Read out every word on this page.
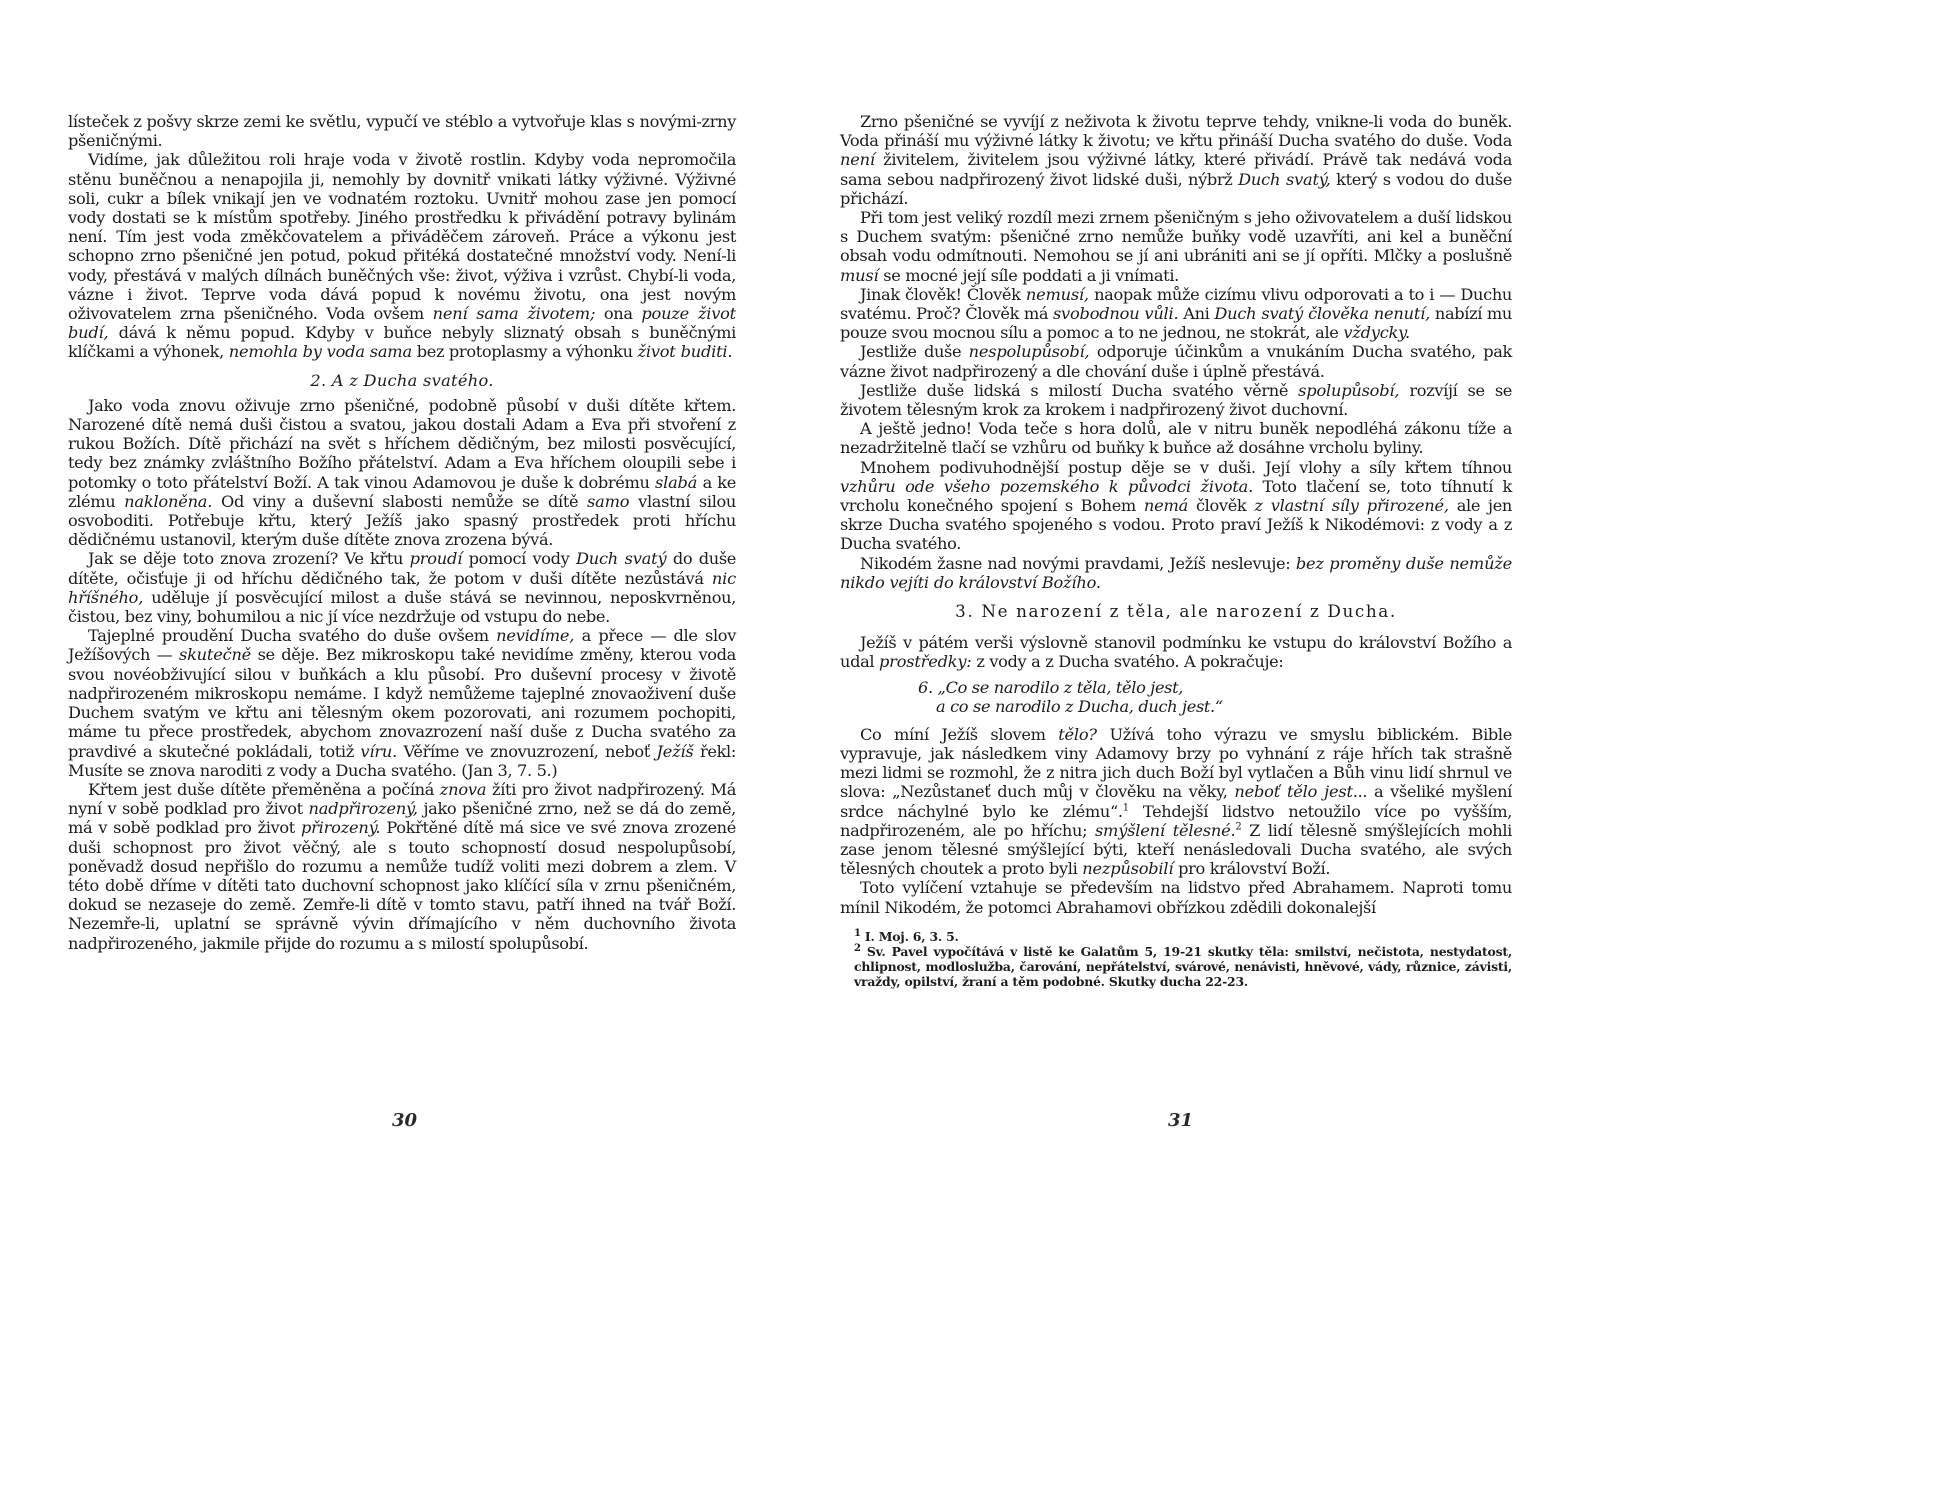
lísteček z pošvy skrze zemi ke světlu, vypučí ve stéblo a vytvořuje klas s novými-zrny pšeničnými.

Vidíme, jak důležitou roli hraje voda v životě rostlin. Kdyby voda nepromočila stěnu buněčnou a nenapojila ji, nemohly by dovnitř vnikati látky výživné. Výživné soli, cukr a bílek vnikají jen ve vodnatém roztoku. Uvnitř mohou zase jen pomocí vody dostati se k místům spotřeby. Jiného prostředku k přivádění potravy bylinám není. Tím jest voda změkčovatelem a přiváděčem zároveň. Práce a výkonu jest schopno zrno pšeničné jen potud, pokud přitéká dostatečné množství vody. Není-li vody, přestává v malých dílnách buněčných vše: život, výživa i vzrůst. Chybí-li voda, vázne i život. Teprve voda dává popud k novému životu, ona jest novým oživovatelem zrna pšeničného. Voda ovšem není sama životem; ona pouze život budí, dává k němu popud. Kdyby v buňce nebyly sliznatý obsah s buněčnými klíčkami a výhonek, nemohla by voda sama bez protoplasmy a výhonku život buditi.

2. A z Ducha svatého.

Jako voda znovu oživuje zrno pšeničné, podobně působí v duši dítěte křtem. Narozené dítě nemá duši čistou a svatou, jakou dostali Adam a Eva při stvoření z rukou Božích. Dítě přichází na svět s hříchem dědičným, bez milosti posvěcující, tedy bez známky zvláštního Božího přátelství. Adam a Eva hříchem oloupili sebe i potomky o toto přátelství Boží. A tak vinou Adamovou je duše k dobrému slabá a ke zlému nakloněna. Od viny a duševní slabosti nemůže se dítě samo vlastní silou osvoboditi. Potřebuje křtu, který Ježíš jako spasný prostředek proti hříchu dědičnému ustanovil, kterým duše dítěte znova zrozena bývá.

Jak se děje toto znova zrození? Ve křtu proudí pomocí vody Duch svatý do duše dítěte, očisťuje ji od hříchu dědičného tak, že potom v duši dítěte nezůstává nic hříšného, uděluje jí posvěcující milost a duše stává se nevinnou, neposkvrněnou, čistou, bez viny, bohumilou a nic jí více nezdržuje od vstupu do nebe.

Tajeplné proudění Ducha svatého do duše ovšem nevidíme, a přece — dle slov Ježíšových — skutečně se děje. Bez mikroskopu také nevidíme změny, kterou voda svou novéobživující silou v buňkách a klu působí. Pro duševní procesy v životě nadpřirozeném mikroskopu nemáme. I když nemůžeme tajeplné znovaoživení duše Duchem svatým ve křtu ani tělesným okem pozorovati, ani rozumem pochopiti, máme tu přece prostředek, abychom znovazrození naší duše z Ducha svatého za pravdivé a skutečné pokládali, totiž víru. Věříme ve znovuzrození, neboť Ježíš řekl: Musíte se znova naroditi z vody a Ducha svatého. (Jan 3, 7. 5.)

Křtem jest duše dítěte přeměněna a počíná znova žíti pro život nadpřirozený. Má nyní v sobě podklad pro život nadpřirozený, jako pšeničné zrno, než se dá do země, má v sobě podklad pro život přirozený. Pokřtěné dítě má sice ve své znova zrozené duši schopnost pro život věčný, ale s touto schopností dosud nespolupůsobí, poněvadž dosud nepřišlo do rozumu a nemůže tudíž voliti mezi dobrem a zlem. V této době dříme v dítěti tato duchovní schopnost jako klíčící síla v zrnu pšeničném, dokud se nezaseje do země. Zemře-li dítě v tomto stavu, patří ihned na tvář Boží. Nezemře-li, uplatní se správně vývin dřímajícího v něm duchovního života nadpřirozeného, jakmile přijde do rozumu a s milostí spolupůsobí.

Zrno pšeničné se vyvíjí z neživota k životu teprve tehdy, vnikne-li voda do buněk. Voda přináší mu výživné látky k životu; ve křtu přináší Ducha svatého do duše. Voda není živitelem, živitelem jsou výživné látky, které přivádí. Právě tak nedává voda sama sebou nadpřirozený život lidské duši, nýbrž Duch svatý, který s vodou do duše přichází.

Při tom jest veliký rozdíl mezi zrnem pšeničným s jeho oživovatelem a duší lidskou s Duchem svatým: pšeničné zrno nemůže buňky vodě uzavříti, ani kel a buněční obsah vodu odmítnouti. Nemohou se jí ani ubrániti ani se jí opříti. Mlčky a poslušně musí se mocné její síle poddati a ji vnímati.

Jinak člověk! Člověk nemusí, naopak může cizímu vlivu odporovati a to i — Duchu svatému. Proč? Člověk má svobodnou vůli. Ani Duch svatý člověka nenutí, nabízí mu pouze svou mocnou sílu a pomoc a to ne jednou, ne stokrát, ale vždycky.

Jestliže duše nespolupůsobí, odporuje účinkům a vnukáním Ducha svatého, pak vázne život nadpřirozený a dle chování duše i úplně přestává.

Jestliže duše lidská s milostí Ducha svatého věrně spolupůsobí, rozvíjí se se životem tělesným krok za krokem i nadpřirozený život duchovní.

A ještě jedno! Voda teče s hora dolů, ale v nitru buněk nepodléhá zákonu tíže a nezadržitelně tlačí se vzhůru od buňky k buňce až dosáhne vrcholu byliny.

Mnohem podivuhodnější postup děje se v duši. Její vlohy a síly křtem tíhnou vzhůru ode všeho pozemského k původci života. Toto tlačení se, toto tíhnutí k vrcholu konečného spojení s Bohem nemá člověk z vlastní síly přirozené, ale jen skrze Ducha svatého spojeného s vodou. Proto praví Ježíš k Nikodémovi: z vody a z Ducha svatého.

Nikodém žasne nad novými pravdami, Ježíš neslevuje: bez proměny duše nemůže nikdo vejíti do království Božího.

3. Ne narození z těla, ale narození z Ducha.

Ježíš v pátém verši výslovně stanovil podmínku ke vstupu do království Božího a udal prostředky: z vody a z Ducha svatého. A pokračuje:

6. „Co se narodilo z těla, tělo jest,

a co se narodilo z Ducha, duch jest.“

Co míní Ježíš slovem tělo? Užívá toho výrazu ve smyslu biblickém. Bible vypravuje, jak následkem viny Adamovy brzy po vyhnání z ráje hřích tak strašně mezi lidmi se rozmohl, že z nitra jich duch Boží byl vytlačen a Bůh vinu lidí shrnul ve slova: „Nezůstaneť duch můj v člověku na věky, neboť tělo jest... a všeliké myšlení srdce náchylné bylo ke zlému“.$^1$ Tehdejší lidstvo netoužilo více po vyšším, nadpřirozeném, ale po hříchu; smýšlení tělesné.$^2$ Z lidí tělesně smýšlejících mohli zase jenom tělesné smýšlející býti, kteří nenásledovali Ducha svatého, ale svých tělesných choutek a proto byli nezpůsobilí pro království Boží.

Toto vylíčení vztahuje se především na lidstvo před Abrahamem. Naproti tomu mínil Nikodém, že potomci Abrahamovi obřízkou zdědili dokonalejší

$^1$ I. Moj. 6, 3. 5.
$^2$ Sv. Pavel vypočítává v listě ke Galatům 5, 19-21 skutky těla: smilství, nečistota, nestydatost, chlipnost, modloslužba, čarování, nepřátelství, svárové, nenávisti, hněvové, vády, různice, závisti, vraždy, opilství, žraní a těm podobné. Skutky ducha 22-23.
30	31
